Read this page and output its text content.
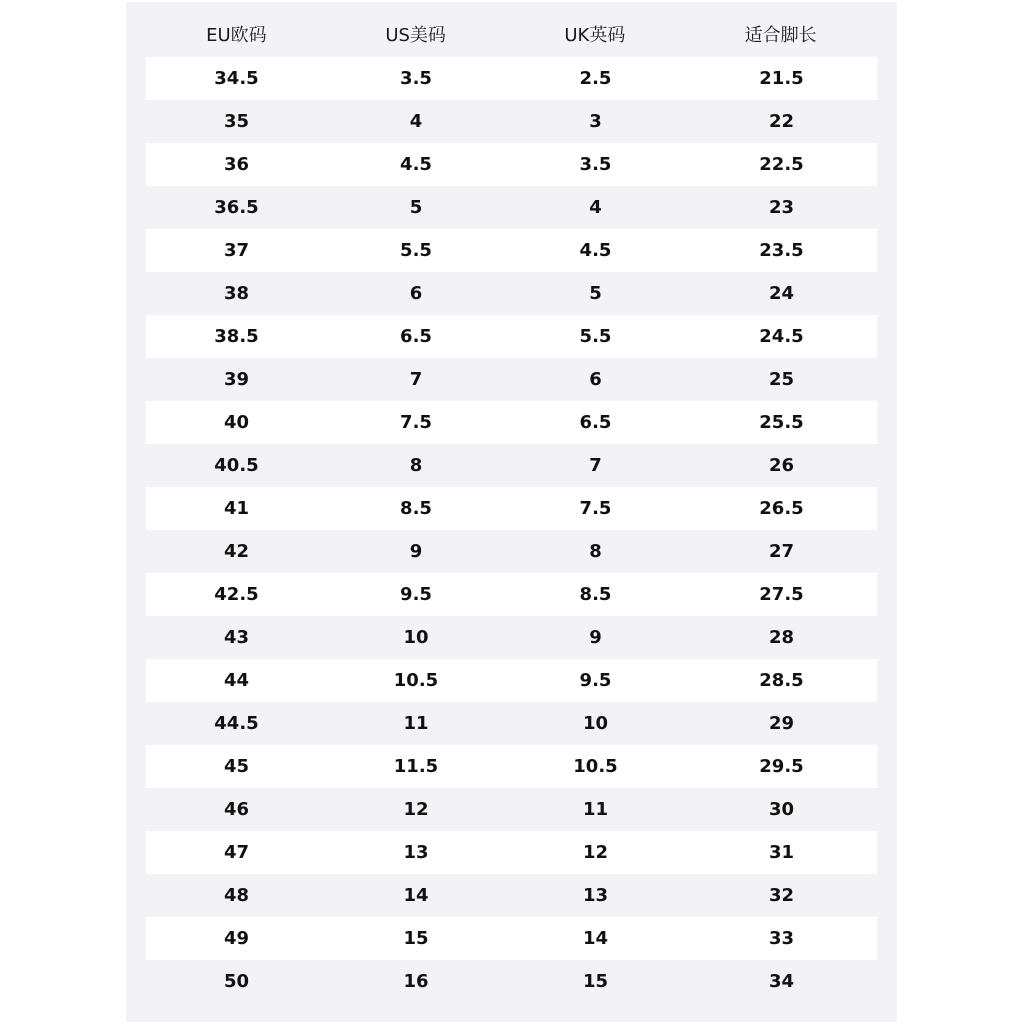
EU欧码	US美码	UK英码	适合脚长
34.5	3.5	2.5	21.5
35	4	3	22
36	4.5	3.5	22.5
36.5	5	4	23
37	5.5	4.5	23.5
38	6	5	24
38.5	6.5	5.5	24.5
39	7	6	25
40	7.5	6.5	25.5
40.5	8	7	26
41	8.5	7.5	26.5
42	9	8	27
42.5	9.5	8.5	27.5
43	10	9	28
44	10.5	9.5	28.5
44.5	11	10	29
45	11.5	10.5	29.5
46	12	11	30
47	13	12	31
48	14	13	32
49	15	14	33
50	16	15	34
